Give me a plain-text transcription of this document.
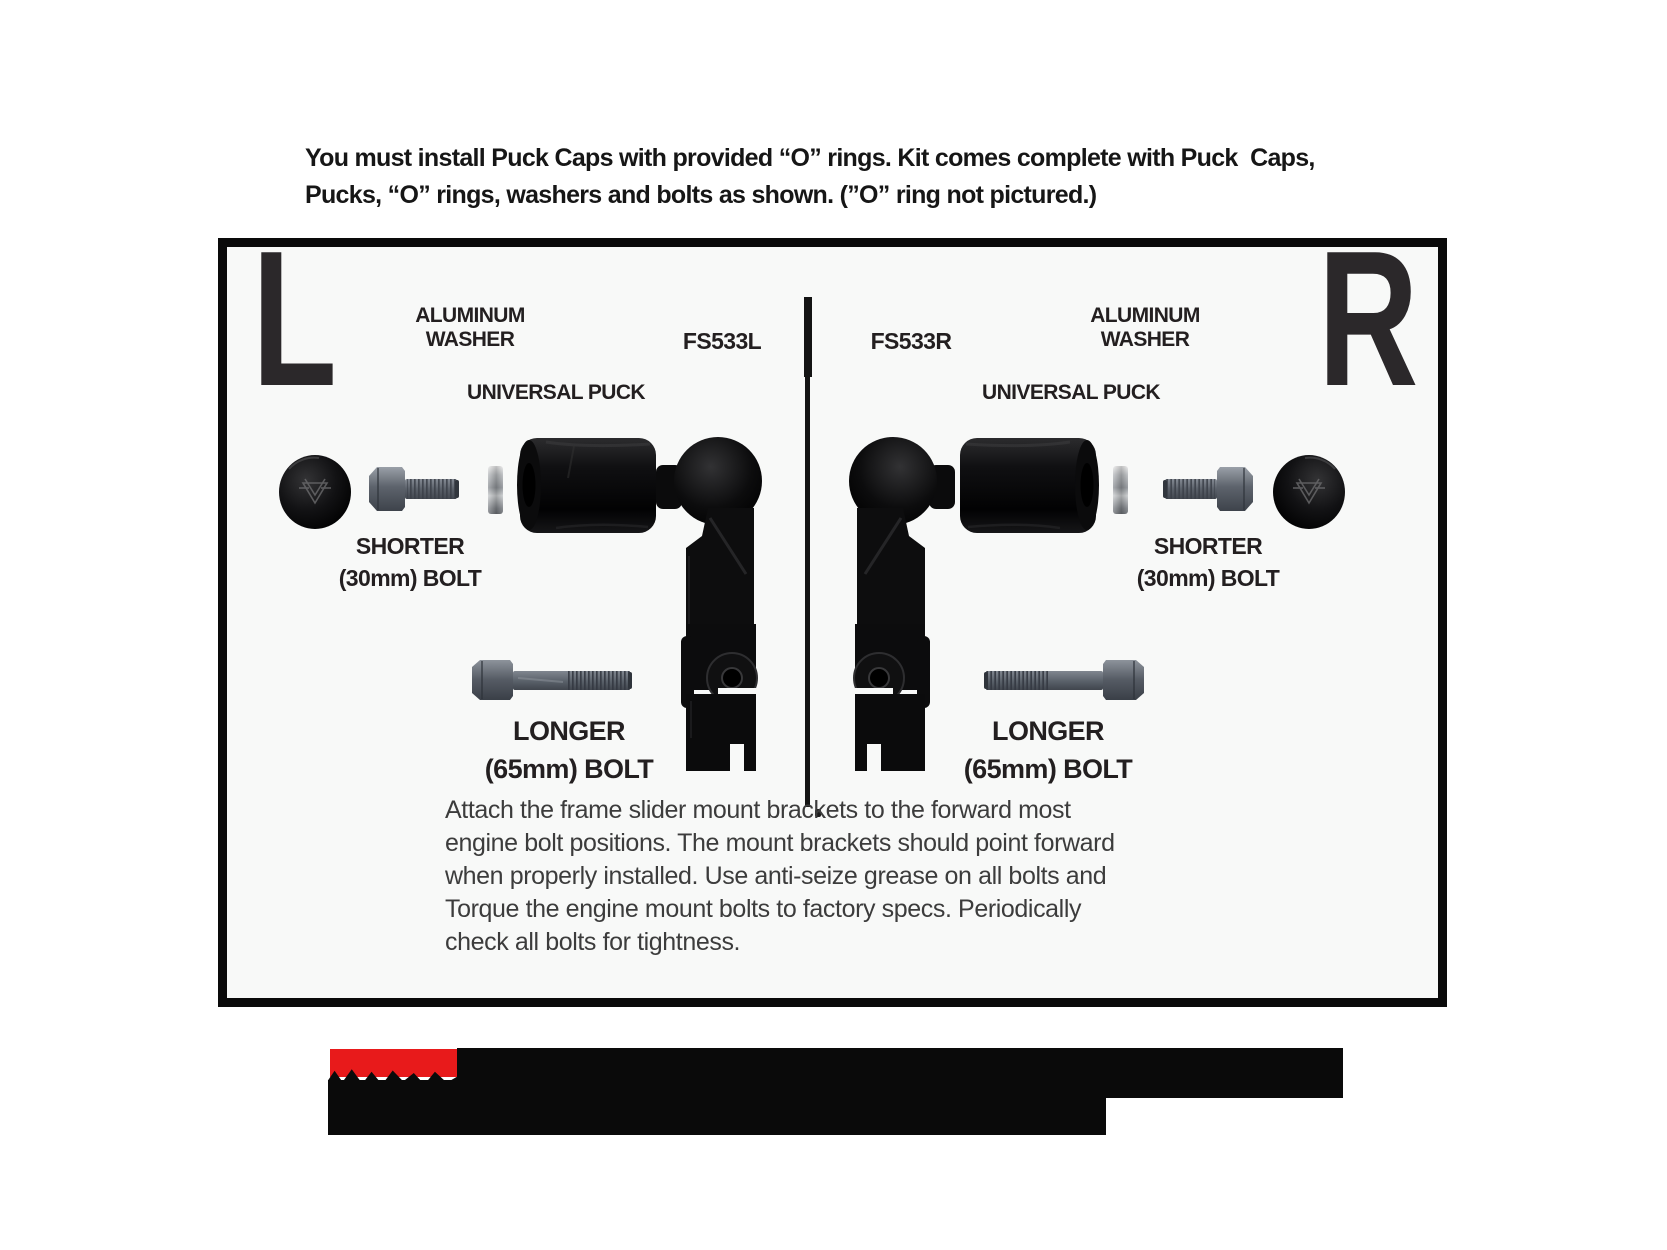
You must install Puck Caps with provided “O” rings. Kit comes complete with Puck  Caps,
Pucks, “O” rings, washers and bolts as shown. (”O” ring not pictured.)
L	R
ALUMINUM
WASHER	FS533L	FS533R
ALUMINUM
WASHER
UNIVERSAL PUCK	UNIVERSAL PUCK
SHORTER
(30mm) BOLT
SHORTER
(30mm) BOLT
LONGER
(65mm) BOLT
LONGER
(65mm) BOLT
Attach the frame slider mount brackets to the forward most
engine bolt positions. The mount brackets should point forward
when properly installed. Use anti-seize grease on all bolts and
Torque the engine mount bolts to factory specs. Periodically
check all bolts for tightness.
